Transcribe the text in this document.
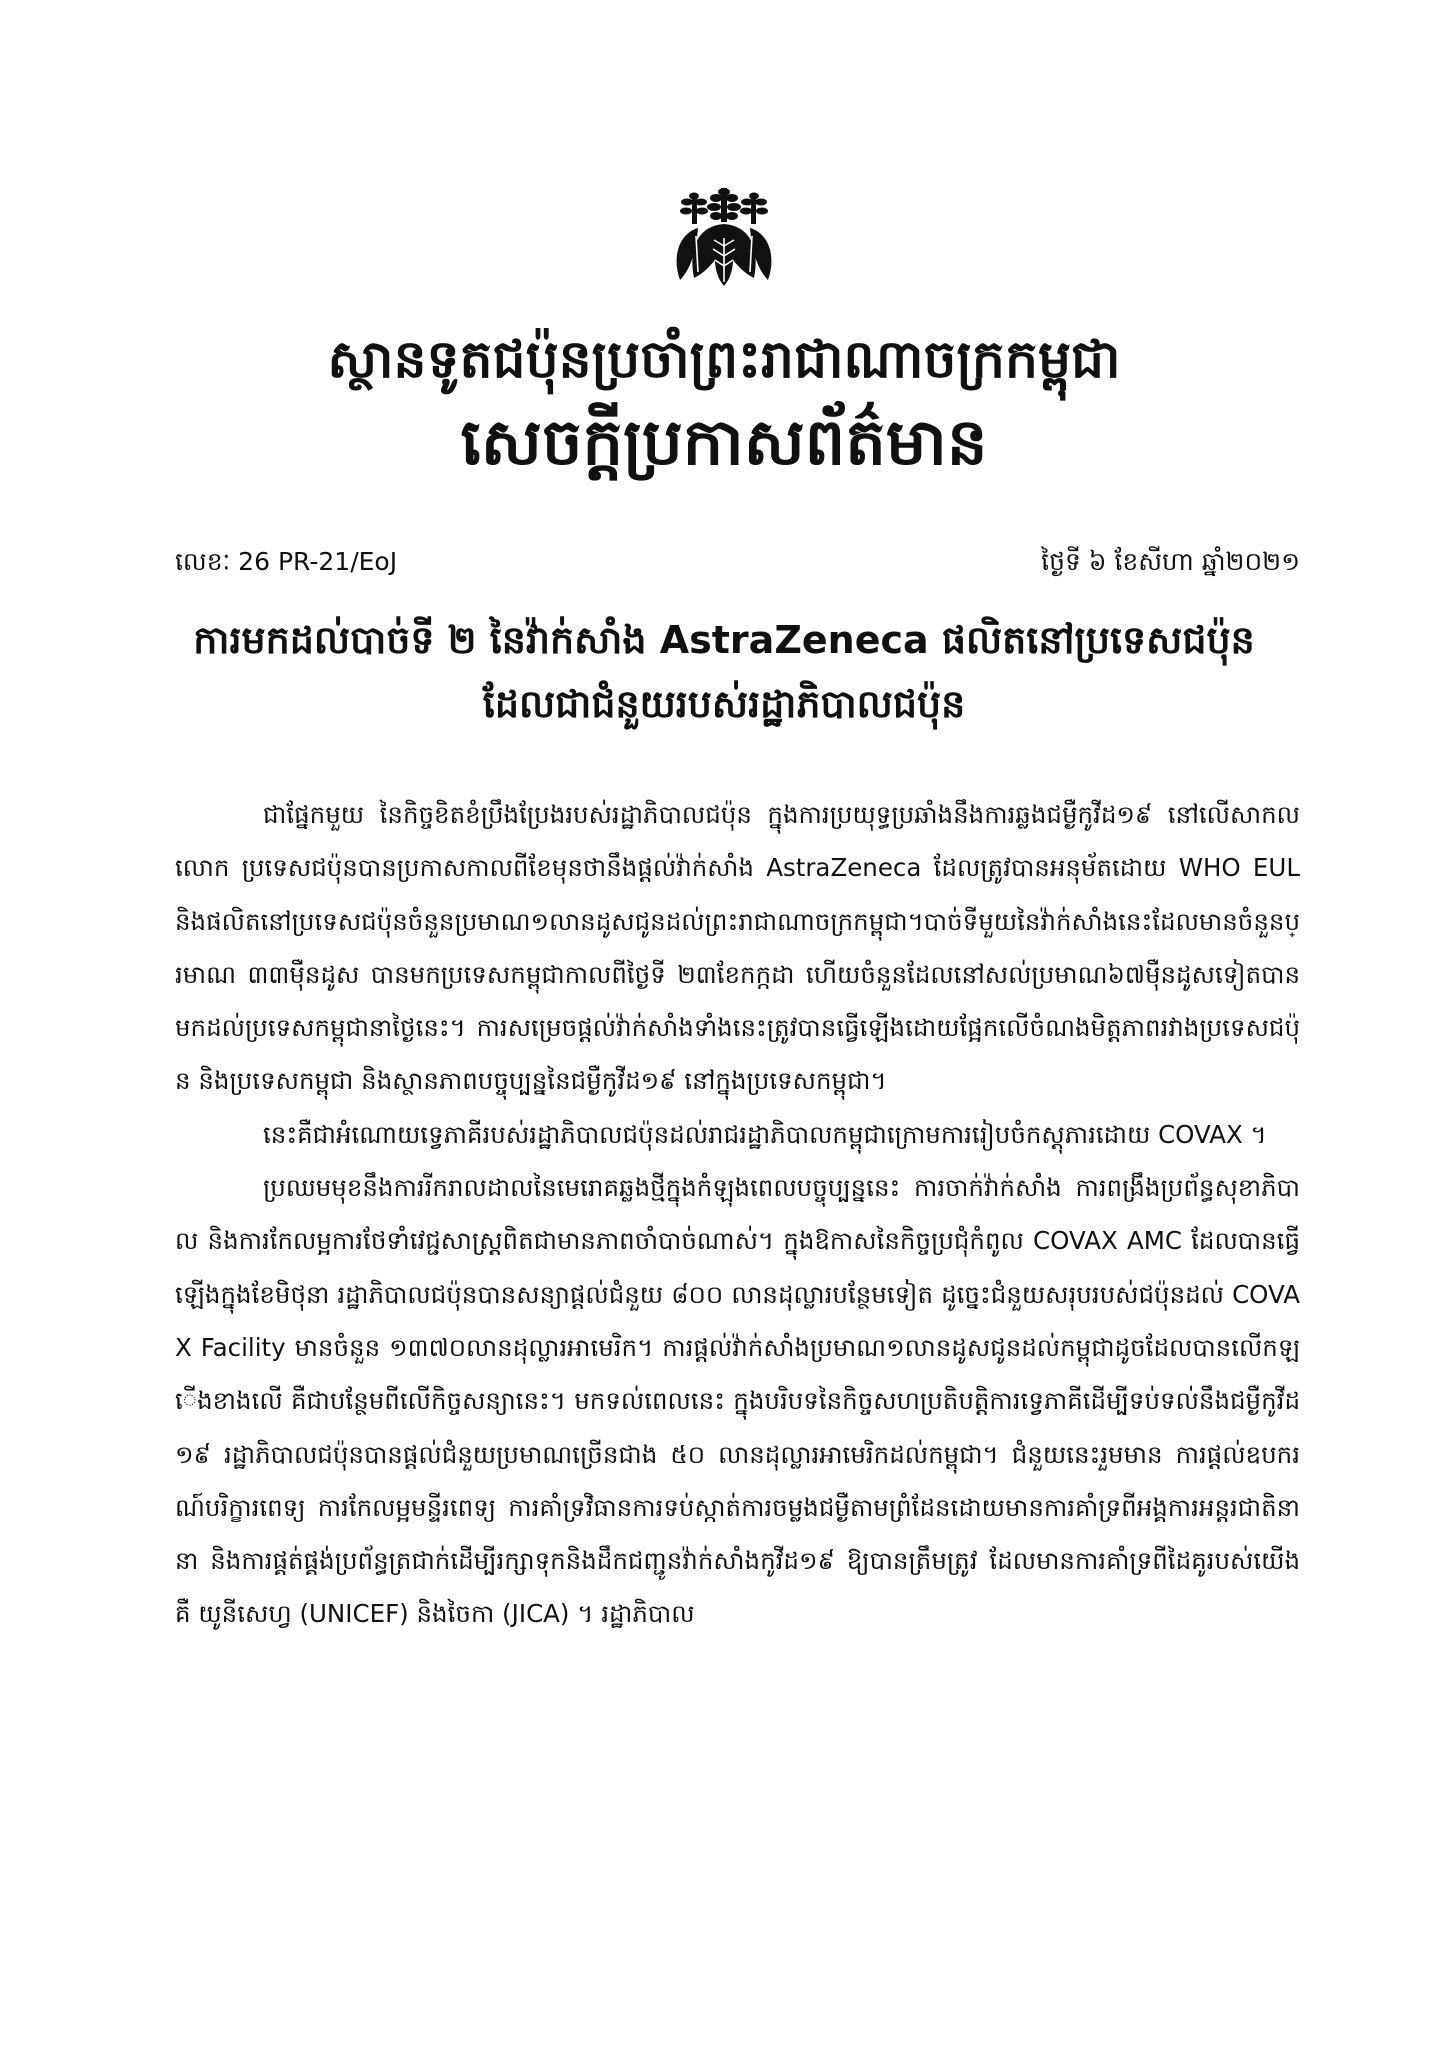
ស្ថានទូតជប៉ុនប្រចាំព្រះរាជាណាចក្រកម្ពុជា
សេចក្តីប្រកាសព័ត៌មាន
លេខៈ 26 PR-21/EoJ	ថ្ងៃទី ៦ ខែសីហា ឆ្នាំ២០២១
ការមកដល់បាច់ទី ២ នៃវ៉ាក់សាំង AstraZeneca ផលិតនៅប្រទេសជប៉ុន
ដែលជាជំនួយរបស់រដ្ឋាភិបាលជប៉ុន

ជាផ្នែកមួយ នៃកិច្ចខិតខំប្រឹងប្រែងរបស់រដ្ឋាភិបាលជប៉ុន ក្នុងការប្រយុទ្ធប្រឆាំងនឹងការឆ្លងជម្ងឺកូវីដ១៩ នៅលើសាកលលោក ប្រទេសជប៉ុនបានប្រកាសកាលពីខែមុនថានឹងផ្តល់វ៉ាក់សាំង AstraZeneca ដែលត្រូវបានអនុម័តដោយ WHO EUL និងផលិតនៅប្រទេសជប៉ុនចំនួនប្រមាណ១លានដូសជូនដល់ព្រះរាជាណាចក្រកម្ពុជា។បាច់ទីមួយនៃវ៉ាក់សាំងនេះដែលមានចំនួនប្រមាណ ៣៣ម៉ឺនដូស បានមកប្រទេសកម្ពុជាកាលពីថ្ងៃទី ២៣ខែកក្កដា ហើយចំនួនដែលនៅសល់ប្រមាណ៦៧ម៉ឺនដូសទៀតបានមកដល់ប្រទេសកម្ពុជានាថ្ងៃនេះ។ ការសម្រេចផ្តល់វ៉ាក់សាំងទាំងនេះត្រូវបានធ្វើឡើងដោយផ្អែកលើចំណងមិត្តភាពរវាងប្រទេសជប៉ុន និងប្រទេសកម្ពុជា និងស្ថានភាពបច្ចុប្បន្ននៃជម្ងឺកូវីដ១៩ នៅក្នុងប្រទេសកម្ពុជា។

នេះគឺជាអំណោយទ្វេភាគីរបស់រដ្ឋាភិបាលជប៉ុនដល់រាជរដ្ឋាភិបាលកម្ពុជាក្រោមការរៀបចំកស្តុភារដោយ COVAX ។

ប្រឈមមុខនឹងការរីករាលដាលនៃមេរោគឆ្លងថ្មីក្នុងកំឡុងពេលបច្ចុប្បន្ននេះ ការចាក់វ៉ាក់សាំង ការពង្រឹងប្រព័ន្ធសុខាភិបាល និងការកែលម្អការថែទាំវេជ្ជសាស្ត្រពិតជាមានភាពចាំបាច់ណាស់។ ក្នុងឱកាសនៃកិច្ចប្រជុំកំពូល COVAX AMC ដែលបានធ្វើឡើងក្នុងខែមិថុនា រដ្ឋាភិបាលជប៉ុនបានសន្យាផ្តល់ជំនួយ ៨០០ លានដុល្លារបន្ថែមទៀត ដូច្នេះជំនួយសរុបរបស់ជប៉ុនដល់ COVAX Facility មានចំនួន ១៣៧០លានដុល្លារអាមេរិក។ ការផ្តល់វ៉ាក់សាំងប្រមាណ១លានដូសជូនដល់កម្ពុជាដូចដែលបានលើកឡើងខាងលើ គឺជាបន្ថែមពីលើកិច្ចសន្យានេះ។ មកទល់ពេលនេះ ក្នុងបរិបទនៃកិច្ចសហប្រតិបត្តិការទ្វេភាគីដើម្បីទប់ទល់នឹងជម្ងឺកូវីដ១៩ រដ្ឋាភិបាលជប៉ុនបានផ្តល់ជំនួយប្រមាណច្រើនជាង ៥០ លានដុល្លារអាមេរិកដល់កម្ពុជា។ ជំនួយនេះរួមមាន ការផ្តល់ឧបករណ៍បរិក្ខារពេទ្យ ការកែលម្អមន្ទីរពេទ្យ ការគាំទ្រវិធានការទប់ស្កាត់ការចម្លងជម្ងឺតាមព្រំដែនដោយមានការគាំទ្រពីអង្គការអន្តរជាតិនានា និងការផ្គត់ផ្គង់ប្រព័ន្ធត្រជាក់ដើម្បីរក្សាទុកនិងដឹកជញ្ជូនវ៉ាក់សាំងកូវីដ១៩ ឱ្យបានត្រឹមត្រូវ ដែលមានការគាំទ្រពីដៃគូរបស់យើងគឺ យូនីសេហ្វ (UNICEF) និងចៃកា (JICA) ។ រដ្ឋាភិបាល
